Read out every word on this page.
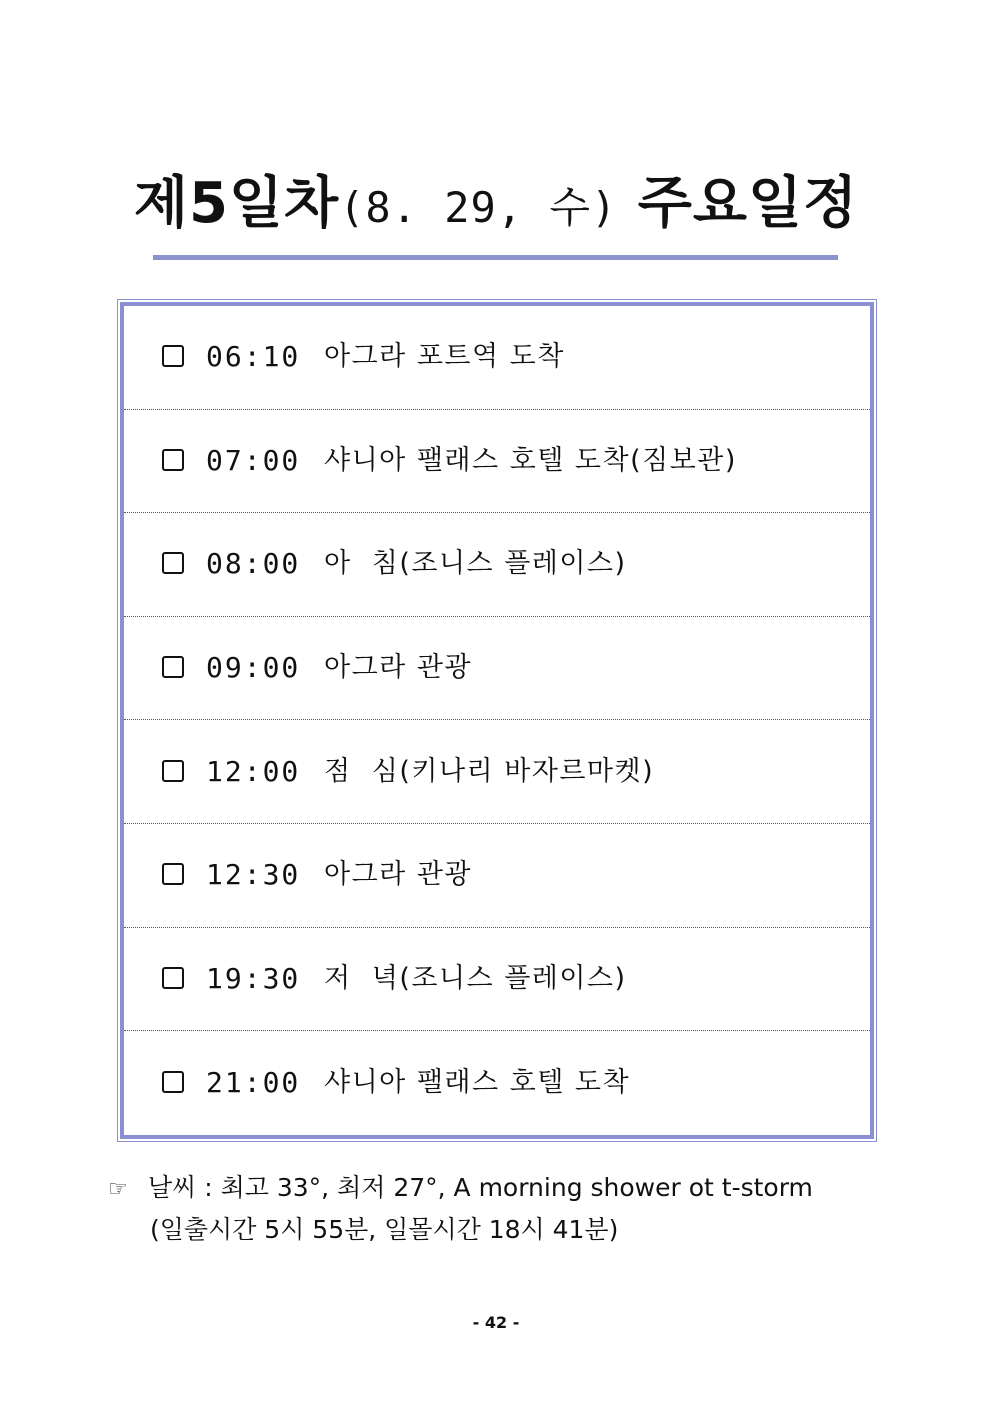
제5일차(8. 29, 수) 주요일정
06:10 아그라 포트역 도착
07:00 샤니아 팰래스 호텔 도착(짐보관)
08:00 아  침(조니스 플레이스)
09:00 아그라 관광
12:00 점  심(키나리 바자르마켓)
12:30 아그라 관광
19:30 저  녁(조니스 플레이스)
21:00 샤니아 팰래스 호텔 도착
☞ 날씨 : 최고 33°, 최저 27°, A morning shower ot t-storm
(일출시간 5시 55분, 일몰시간 18시 41분)
- 42 -
